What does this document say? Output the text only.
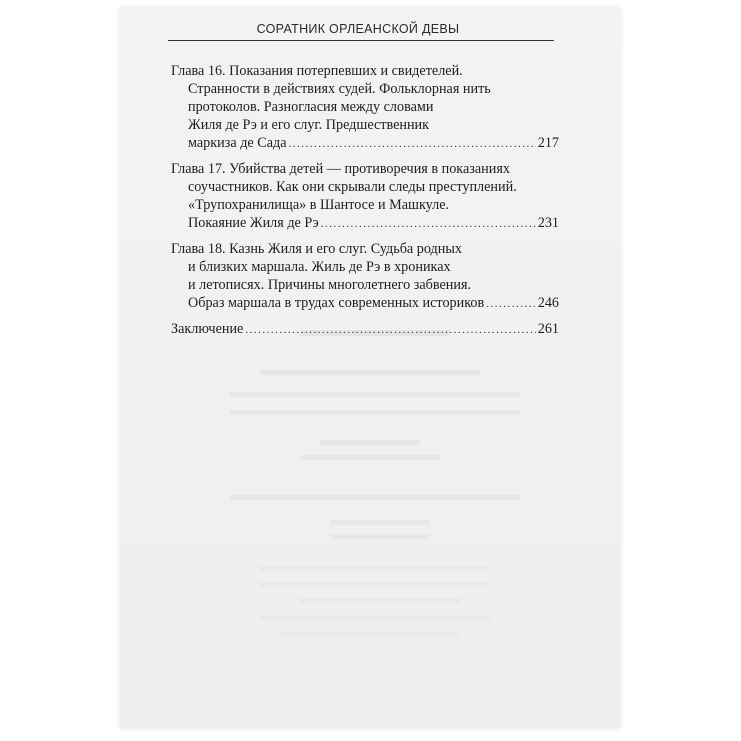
СОРАТНИК ОРЛЕАНСКОЙ ДЕВЫ
Глава 16. Показания потерпевших и свидетелей.
Странности в действиях судей. Фольклорная нить
протоколов. Разногласия между словами
Жиля де Рэ и его слуг. Предшественник
маркиза де Сада .....	217
Глава 17. Убийства детей — противоречия в показаниях
соучастников. Как они скрывали следы преступлений.
«Трупохранилища» в Шантосе и Машкуле.
Покаяние Жиля де Рэ .....	231
Глава 18. Казнь Жиля и его слуг. Судьба родных
и близких маршала. Жиль де Рэ в хрониках
и летописях. Причины многолетнего забвения.
Образ маршала в трудах современных историков .....	246
Заключение .....	261
